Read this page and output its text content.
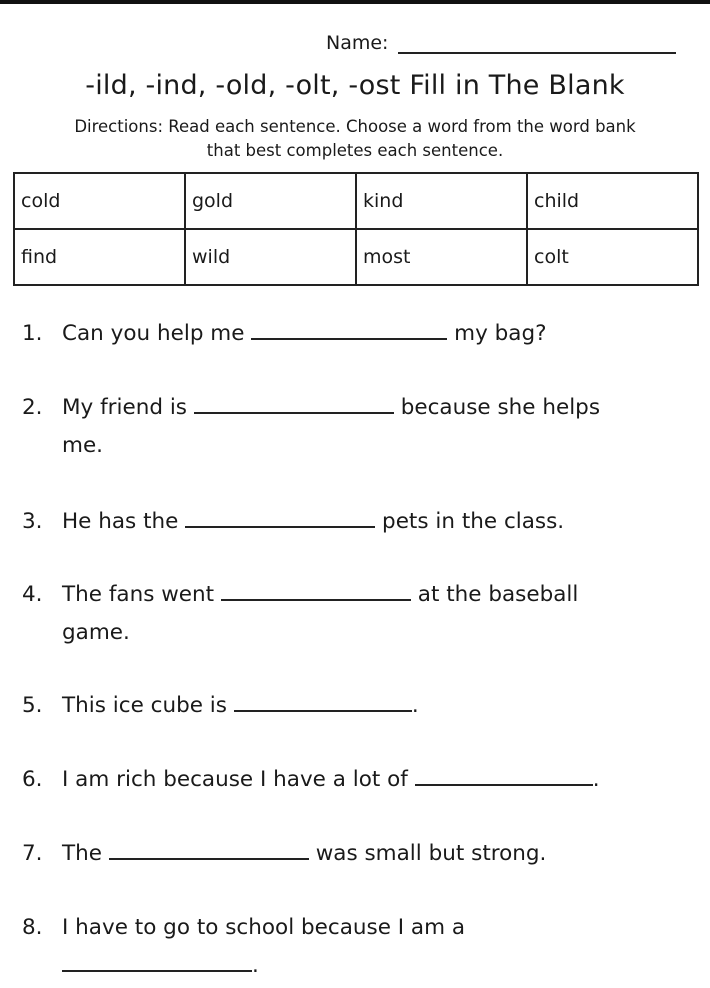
Name:
-ild, -ind, -old, -olt, -ost Fill in The Blank
Directions: Read each sentence. Choose a word from the word bank
that best completes each sentence.
cold	gold	kind	child
find	wild	most	colt
1. Can you help me	my bag?
2. My friend is	because she helps
me.
3. He has the	pets in the class.
4. The fans went	at the baseball
game.
5. This ice cube is	.
6. I am rich because I have a lot of	.
7. The	was small but strong.
8. I have to go to school because I am a
.
